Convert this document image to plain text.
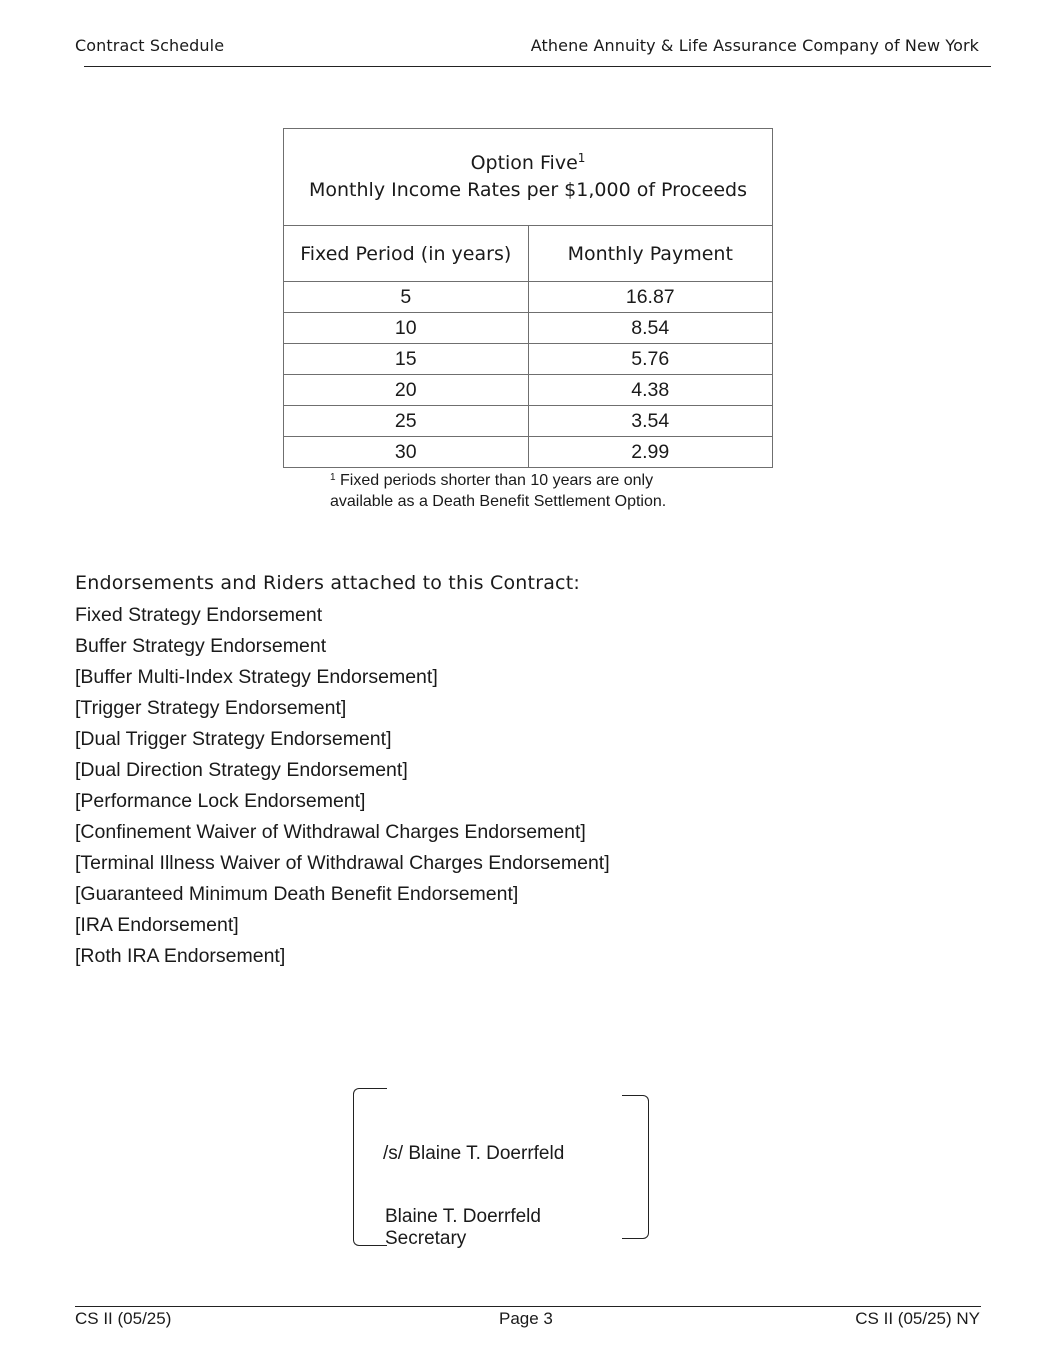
Contract Schedule	Athene Annuity & Life Assurance Company of New York
Option Five$^1$
Monthly Income Rates per $1,000 of Proceeds	
Fixed Period (in years)	Monthly Payment
5	16.87
10	8.54
15	5.76
20	4.38
25	3.54
30	2.99
$^1$ Fixed periods shorter than 10 years are only
available as a Death Benefit Settlement Option.
Endorsements and Riders attached to this Contract:
Fixed Strategy Endorsement
Buffer Strategy Endorsement
[Buffer Multi-Index Strategy Endorsement]
[Trigger Strategy Endorsement]
[Dual Trigger Strategy Endorsement]
[Dual Direction Strategy Endorsement]
[Performance Lock Endorsement]
[Confinement Waiver of Withdrawal Charges Endorsement]
[Terminal Illness Waiver of Withdrawal Charges Endorsement]
[Guaranteed Minimum Death Benefit Endorsement]
[IRA Endorsement]
[Roth IRA Endorsement]
/s/ Blaine T. Doerrfeld
Blaine T. Doerrfeld
Secretary
CS II (05/25)	Page 3	CS II (05/25) NY
